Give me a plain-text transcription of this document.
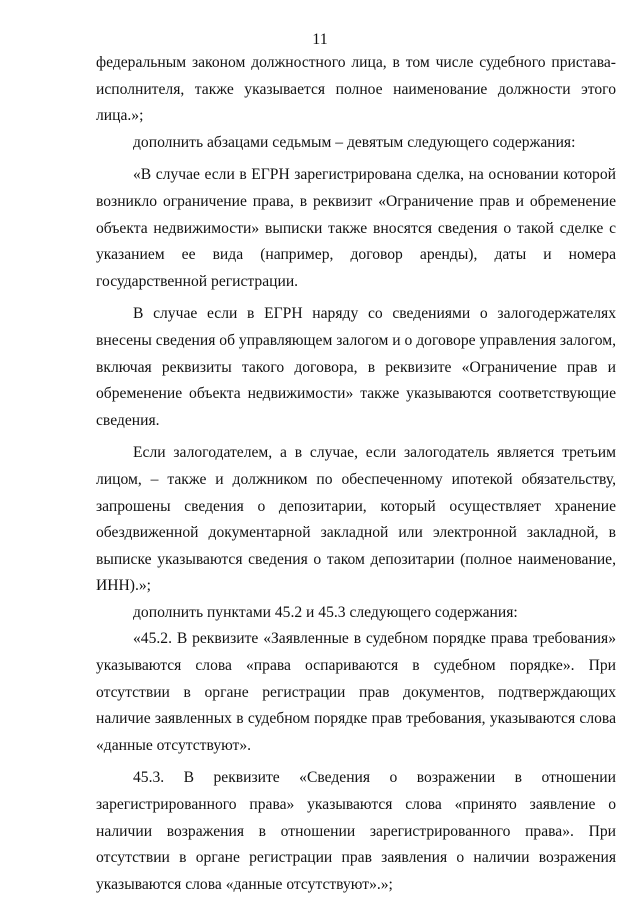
11

федеральным законом должностного лица, в том числе судебного пристава-исполнителя, также указывается полное наименование должности этого лица.»;

дополнить абзацами седьмым – девятым следующего содержания:

«В случае если в ЕГРН зарегистрирована сделка, на основании которой возникло ограничение права, в реквизит «Ограничение прав и обременение объекта недвижимости» выписки также вносятся сведения о такой сделке с указанием ее вида (например, договор аренды), даты и номера государственной регистрации.

В случае если в ЕГРН наряду со сведениями о залогодержателях внесены сведения об управляющем залогом и о договоре управления залогом, включая реквизиты такого договора, в реквизите «Ограничение прав и обременение объекта недвижимости» также указываются соответствующие сведения.

Если залогодателем, а в случае, если залогодатель является третьим лицом, – также и должником по обеспеченному ипотекой обязательству, запрошены сведения о депозитарии, который осуществляет хранение обездвиженной документарной закладной или электронной закладной, в выписке указываются сведения о таком депозитарии (полное наименование, ИНН).»;

дополнить пунктами 45.2 и 45.3 следующего содержания:

«45.2. В реквизите «Заявленные в судебном порядке права требования» указываются слова «права оспариваются в судебном порядке». При отсутствии в органе регистрации прав документов, подтверждающих наличие заявленных в судебном порядке прав требования, указываются слова «данные отсутствуют».

45.3. В реквизите «Сведения о возражении в отношении зарегистрированного права» указываются слова «принято заявление о наличии возражения в отношении зарегистрированного права». При отсутствии в органе регистрации прав заявления о наличии возражения указываются слова «данные отсутствуют».»;
